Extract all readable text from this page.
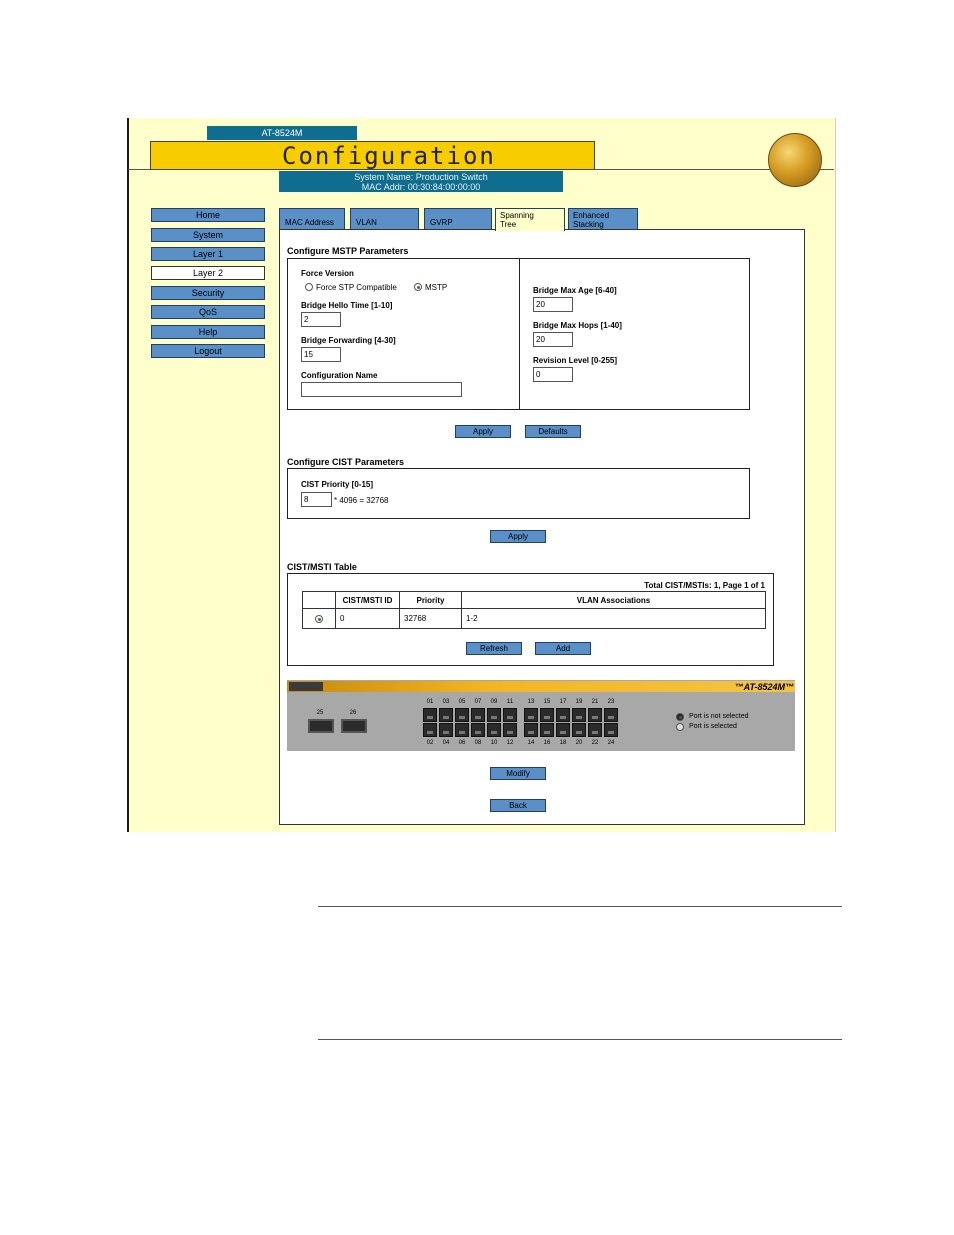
AT-8524M
Configuration
System Name: Production Switch
MAC Addr: 00:30:84:00:00:00
Home
System
Layer 1
Layer 2
Security
QoS
Help
Logout
MAC Address	VLAN	GVRP
Spanning
Tree
Enhanced
Stacking
Configure MSTP Parameters
Force Version
Force STP Compatible	MSTP
Bridge Hello Time [1-10]
2
Bridge Forwarding [4-30]
15
Configuration Name
Bridge Max Age [6-40]
20
Bridge Max Hops [1-40]
20
Revision Level [0-255]
0
Apply	Defaults
Configure CIST Parameters
CIST Priority [0-15]
8	* 4096 = 32768
Apply
CIST/MSTI Table
Total CIST/MSTIs: 1, Page 1 of 1
	CIST/MSTI ID	Priority	VLAN Associations
	0	32768	1-2
Refresh	Add
™AT-8524M™
25	26
01
02
03
04
05
06
07
08
09
10
11
12
13
14
15
16
17
18
19
20
21
22
23
24
Port is not selected
Port is selected
Modify
Back
